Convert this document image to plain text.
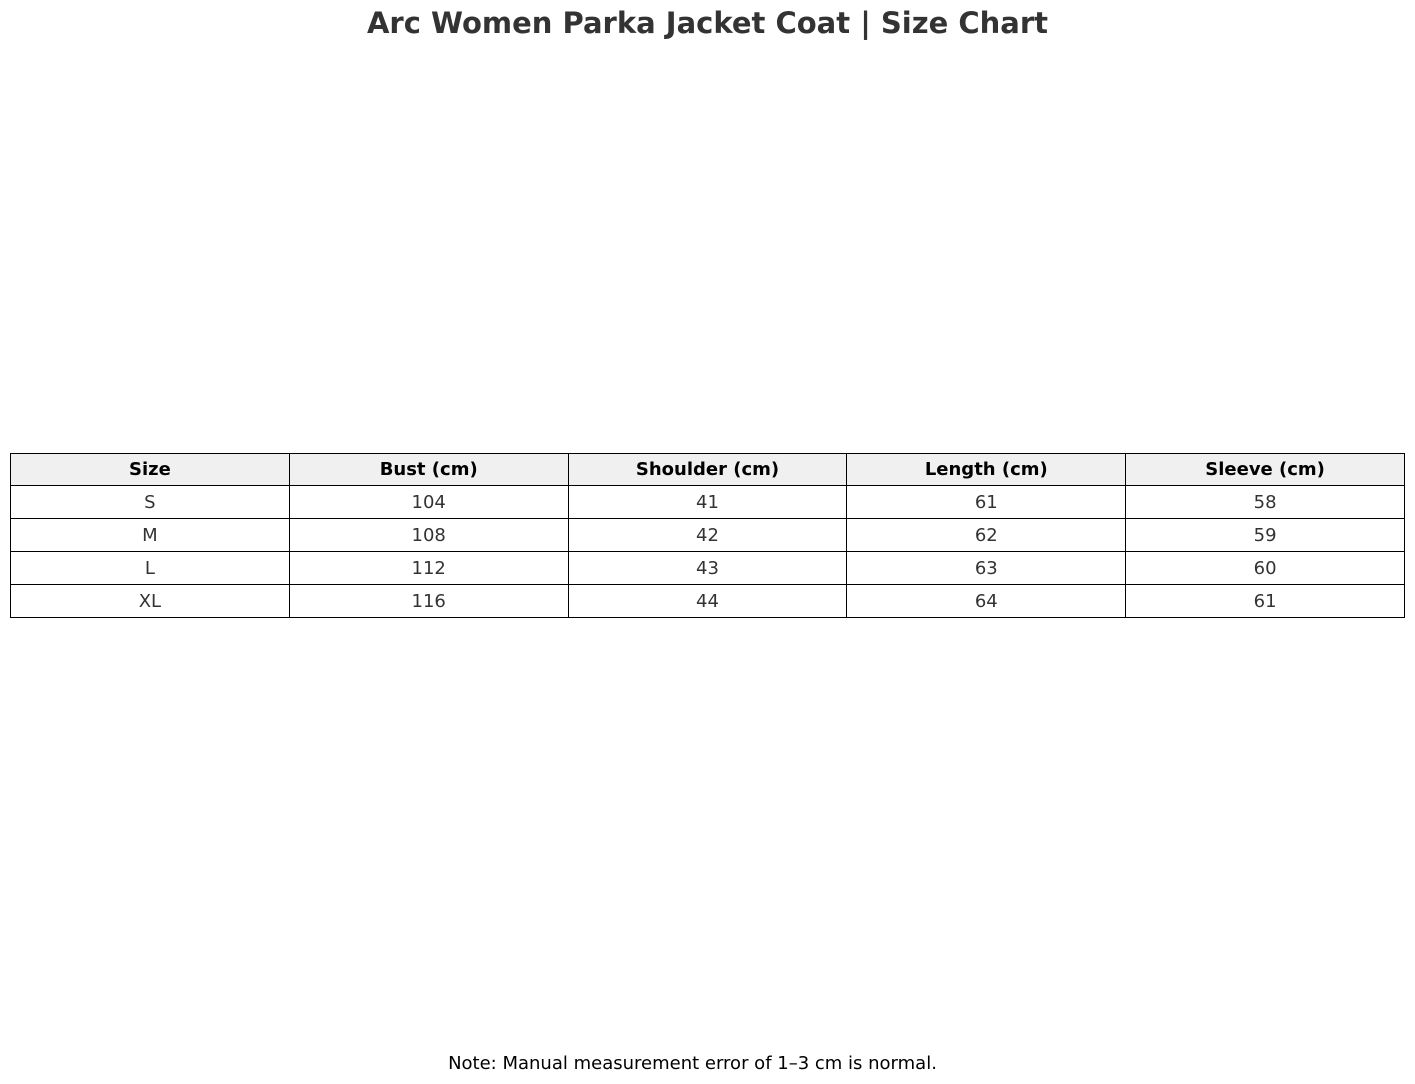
Arc Women Parka Jacket Coat | Size Chart
Size	Bust (cm)	Shoulder (cm)	Length (cm)	Sleeve (cm)
S	104	41	61	58
M	108	42	62	59
L	112	43	63	60
XL	116	44	64	61
Note: Manual measurement error of 1–3 cm is normal.
